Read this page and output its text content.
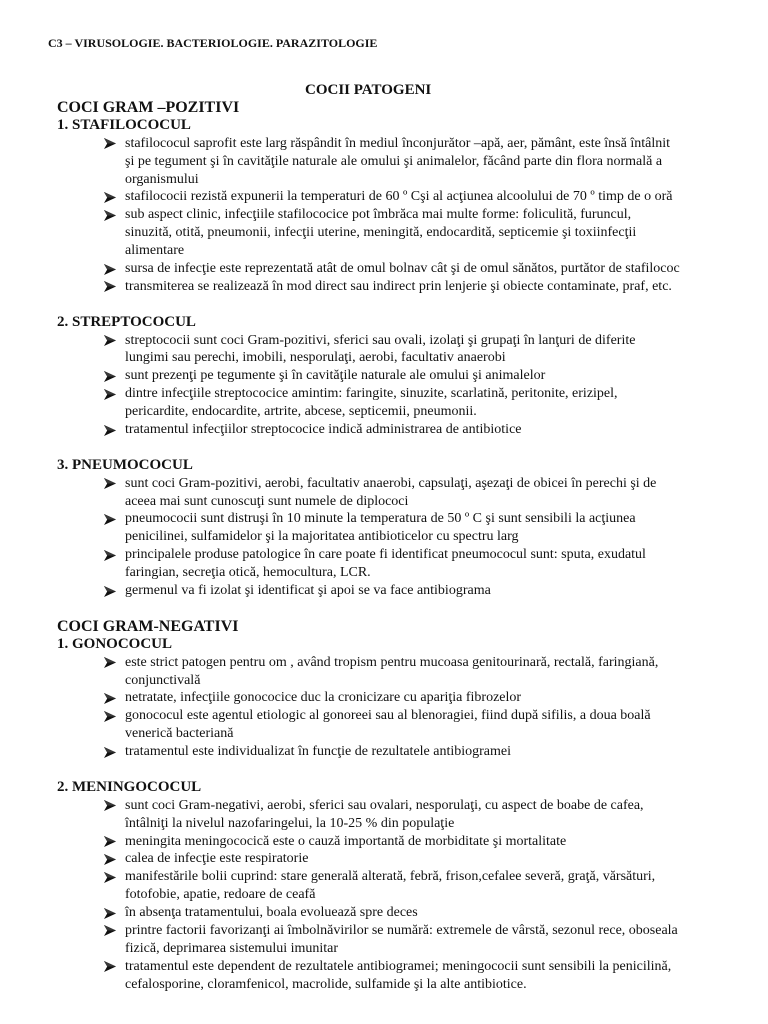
C3 – VIRUSOLOGIE. BACTERIOLOGIE. PARAZITOLOGIE
COCII PATOGENI
COCI GRAM –POZITIVI
1. STAFILOCOCUL
stafilococul saprofit este larg răspândit în mediul înconjurător –apă, aer, pământ, este însă întâlnit
şi pe tegument şi în cavităţile naturale ale omului şi animalelor, făcând parte din flora normală a
organismului
stafilococii rezistă expunerii la temperaturi de 60 º Cşi al acţiunea alcoolului de 70 º timp de o oră
sub aspect clinic, infecţiile stafilococice pot îmbrăca mai multe forme: foliculită, furuncul,
sinuzită, otită, pneumonii, infecţii uterine, meningită, endocardită, septicemie şi toxiinfecţii
alimentare
sursa de infecţie este reprezentată atât de omul bolnav cât şi de omul sănătos, purtător de stafilococ
transmiterea se realizează în mod direct sau indirect prin lenjerie şi obiecte contaminate, praf, etc.
2. STREPTOCOCUL
streptococii sunt coci Gram-pozitivi, sferici sau ovali, izolaţi şi grupaţi în lanţuri de diferite
lungimi sau perechi, imobili, nesporulaţi, aerobi, facultativ anaerobi
sunt prezenţi pe tegumente şi în cavităţile naturale ale omului şi animalelor
dintre infecţiile streptococice amintim: faringite, sinuzite, scarlatină, peritonite, erizipel,
pericardite, endocardite, artrite, abcese, septicemii, pneumonii.
tratamentul infecţiilor streptococice indică administrarea de antibiotice
3. PNEUMOCOCUL
sunt coci Gram-pozitivi, aerobi, facultativ anaerobi, capsulaţi, aşezaţi de obicei în perechi şi de
aceea mai sunt cunoscuţi sunt numele de diplococi
pneumococii sunt distruşi în 10 minute la temperatura de 50 º C şi sunt sensibili la acţiunea
penicilinei, sulfamidelor şi la majoritatea antibioticelor cu spectru larg
principalele produse patologice în care poate fi identificat pneumococul sunt: sputa, exudatul
faringian, secreţia otică, hemocultura, LCR.
germenul va fi izolat şi identificat şi apoi se va face antibiograma
COCI GRAM-NEGATIVI
1. GONOCOCUL
este strict patogen pentru om , având tropism pentru mucoasa genitourinară, rectală, faringiană,
conjunctivală
netratate, infecţiile gonococice duc la cronicizare cu apariţia fibrozelor
gonococul este agentul etiologic al gonoreei sau al blenoragiei, fiind după sifilis, a doua boală
venerică bacteriană
tratamentul este individualizat în funcţie de rezultatele antibiogramei
2. MENINGOCOCUL
sunt coci Gram-negativi, aerobi, sferici sau ovalari, nesporulaţi, cu aspect de boabe de cafea,
întâlniţi la nivelul nazofaringelui, la 10-25 % din populaţie
meningita meningococică este o cauză importantă de morbiditate şi mortalitate
calea de infecţie este respiratorie
manifestările bolii cuprind: stare generală alterată, febră, frison,cefalee severă, graţă, vărsături,
fotofobie, apatie, redoare de ceafă
în absenţa tratamentului, boala evoluează spre deces
printre factorii favorizanţi ai îmbolnăvirilor se numără: extremele de vârstă, sezonul rece, oboseala
fizică, deprimarea sistemului imunitar
tratamentul este dependent de rezultatele antibiogramei; meningococii sunt sensibili la penicilină,
cefalosporine, cloramfenicol, macrolide, sulfamide şi la alte antibiotice.
